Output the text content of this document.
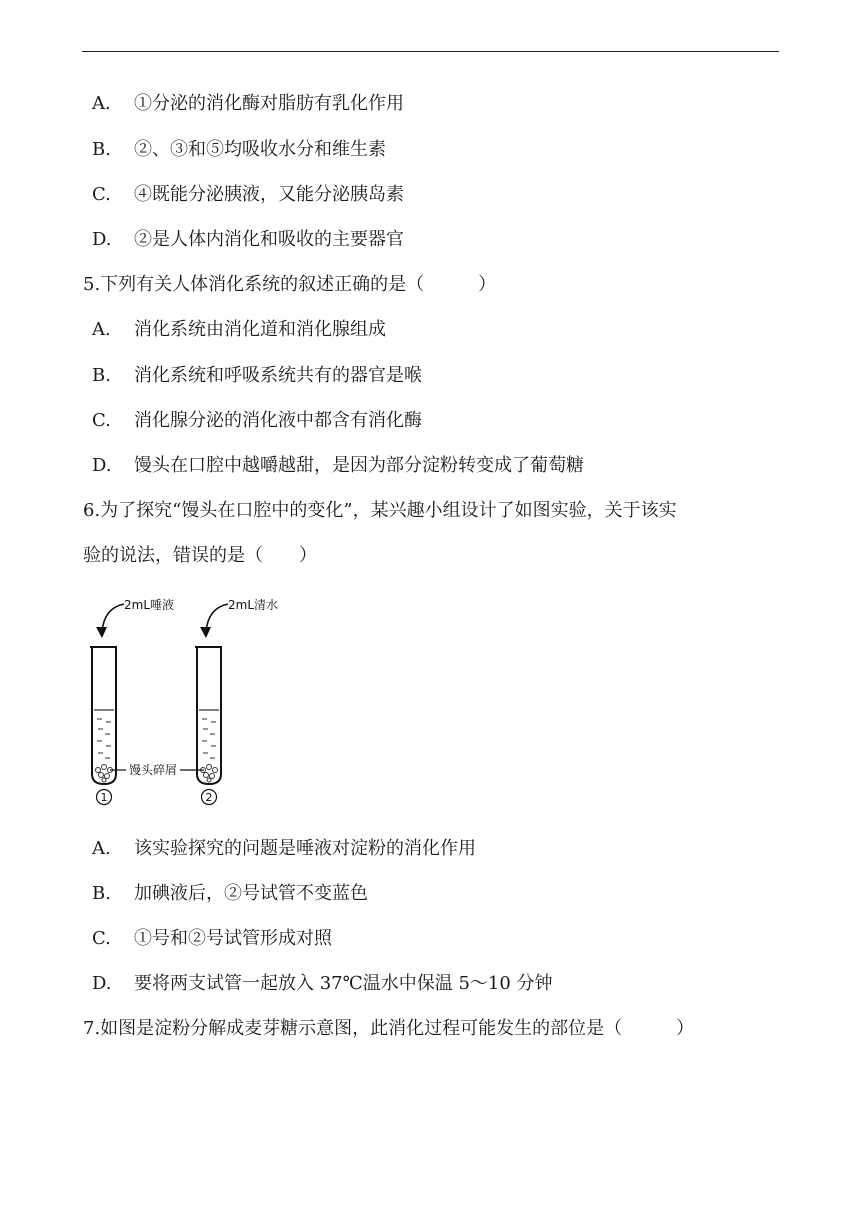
A. ①分泌的消化酶对脂肪有乳化作用
B. ②、③和⑤均吸收水分和维生素
C. ④既能分泌胰液，又能分泌胰岛素
D. ②是人体内消化和吸收的主要器官
5.下列有关人体消化系统的叙述正确的是（　　　）
A. 消化系统由消化道和消化腺组成
B. 消化系统和呼吸系统共有的器官是喉
C. 消化腺分泌的消化液中都含有消化酶
D. 馒头在口腔中越嚼越甜，是因为部分淀粉转变成了葡萄糖
6.为了探究“馒头在口腔中的变化”，某兴趣小组设计了如图实验，关于该实
验的说法，错误的是（　　）
2mL唾液	2mL清水
馒头碎屑
1	2
A. 该实验探究的问题是唾液对淀粉的消化作用
B. 加碘液后，②号试管不变蓝色
C. ①号和②号试管形成对照
D. 要将两支试管一起放入 37℃温水中保温 5～10 分钟
7.如图是淀粉分解成麦芽糖示意图，此消化过程可能发生的部位是（　　　）
